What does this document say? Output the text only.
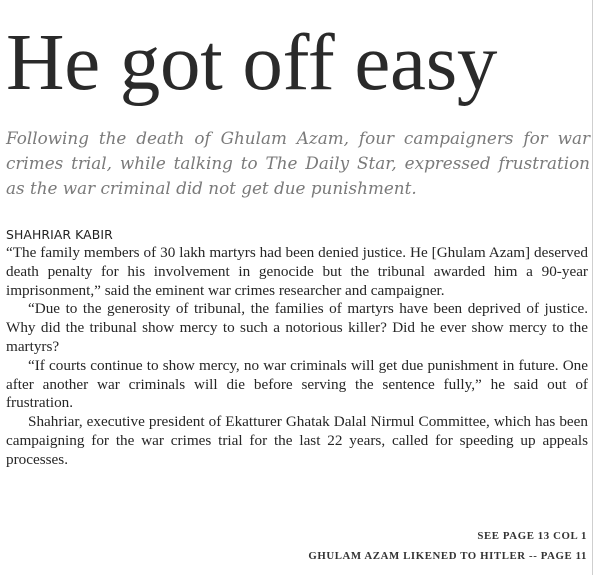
He got off easy

Following the death of Ghulam Azam, four campaigners for war crimes trial, while talking to The Daily Star, expressed frustration as the war criminal did not get due punishment.

SHAHRIAR KABIR

“The family members of 30 lakh martyrs had been denied justice. He [Ghulam Azam] deserved death penalty for his involvement in genocide but the tribunal awarded him a 90-year imprisonment,” said the eminent war crimes researcher and campaigner.

“Due to the generosity of tribunal, the families of martyrs have been deprived of justice. Why did the tribunal show mercy to such a notorious killer? Did he ever show mercy to the martyrs?

“If courts continue to show mercy, no war criminals will get due punishment in future. One after another war criminals will die before serving the sentence fully,” he said out of frustration.

Shahriar, executive president of Ekatturer Ghatak Dalal Nirmul Committee, which has been campaigning for the war crimes trial for the last 22 years, called for speeding up appeals processes.

SEE PAGE 13 COL 1

GHULAM AZAM LIKENED TO HITLER -- PAGE 11
